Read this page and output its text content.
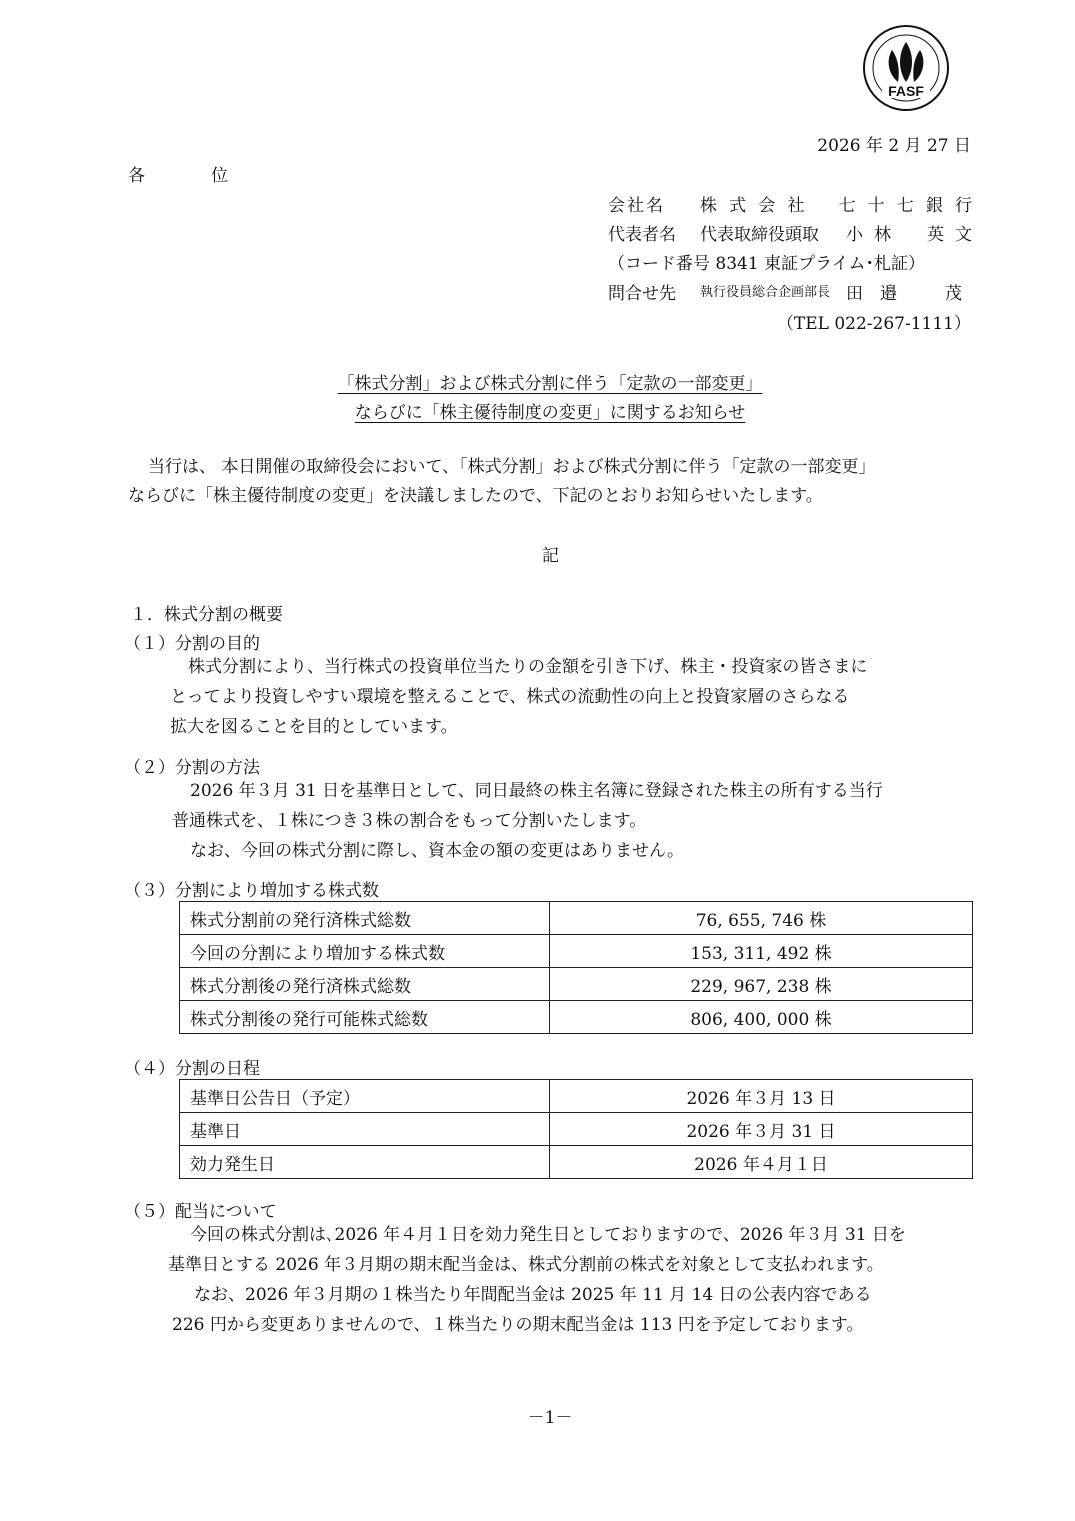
FASF
2026 年 2 月 27 日
各	位
会社名	株 式 会 社 七 十 七 銀 行
代表者名	代表取締役頭取	小 林 英 文
（コード番号 8341 東証プライム･札証）
問合せ先	執行役員総合企画部長 田 邉	茂
（TEL 022-267-1111）
「株式分割」および株式分割に伴う「定款の一部変更」
ならびに「株主優待制度の変更」に関するお知らせ
当行は、 本日開催の取締役会において、「株式分割」および株式分割に伴う「定款の一部変更」
ならびに「株主優待制度の変更」を決議しましたので、下記のとおりお知らせいたします。
記
１．株式分割の概要
（１）分割の目的
株式分割により、当行株式の投資単位当たりの金額を引き下げ、株主・投資家の皆さまに
とってより投資しやすい環境を整えることで、株式の流動性の向上と投資家層のさらなる
拡大を図ることを目的としています。
（２）分割の方法
2026 年３月 31 日を基準日として、同日最終の株主名簿に登録された株主の所有する当行
普通株式を、１株につき３株の割合をもって分割いたします。
なお、今回の株式分割に際し、資本金の額の変更はありません。
（３）分割により増加する株式数
株式分割前の発行済株式総数	76, 655, 746 株
今回の分割により増加する株式数	153, 311, 492 株
株式分割後の発行済株式総数	229, 967, 238 株
株式分割後の発行可能株式総数	806, 400, 000 株
（４）分割の日程
基準日公告日（予定）	2026 年３月 13 日
基準日	2026 年３月 31 日
効力発生日	2026 年４月１日
（５）配当について
今回の株式分割は､2026 年４月１日を効力発生日としておりますので、2026 年３月 31 日を
基準日とする 2026 年３月期の期末配当金は、株式分割前の株式を対象として支払われます。
なお、2026 年３月期の１株当たり年間配当金は 2025 年 11 月 14 日の公表内容である
226 円から変更ありませんので、１株当たりの期末配当金は 113 円を予定しております。
－1－
